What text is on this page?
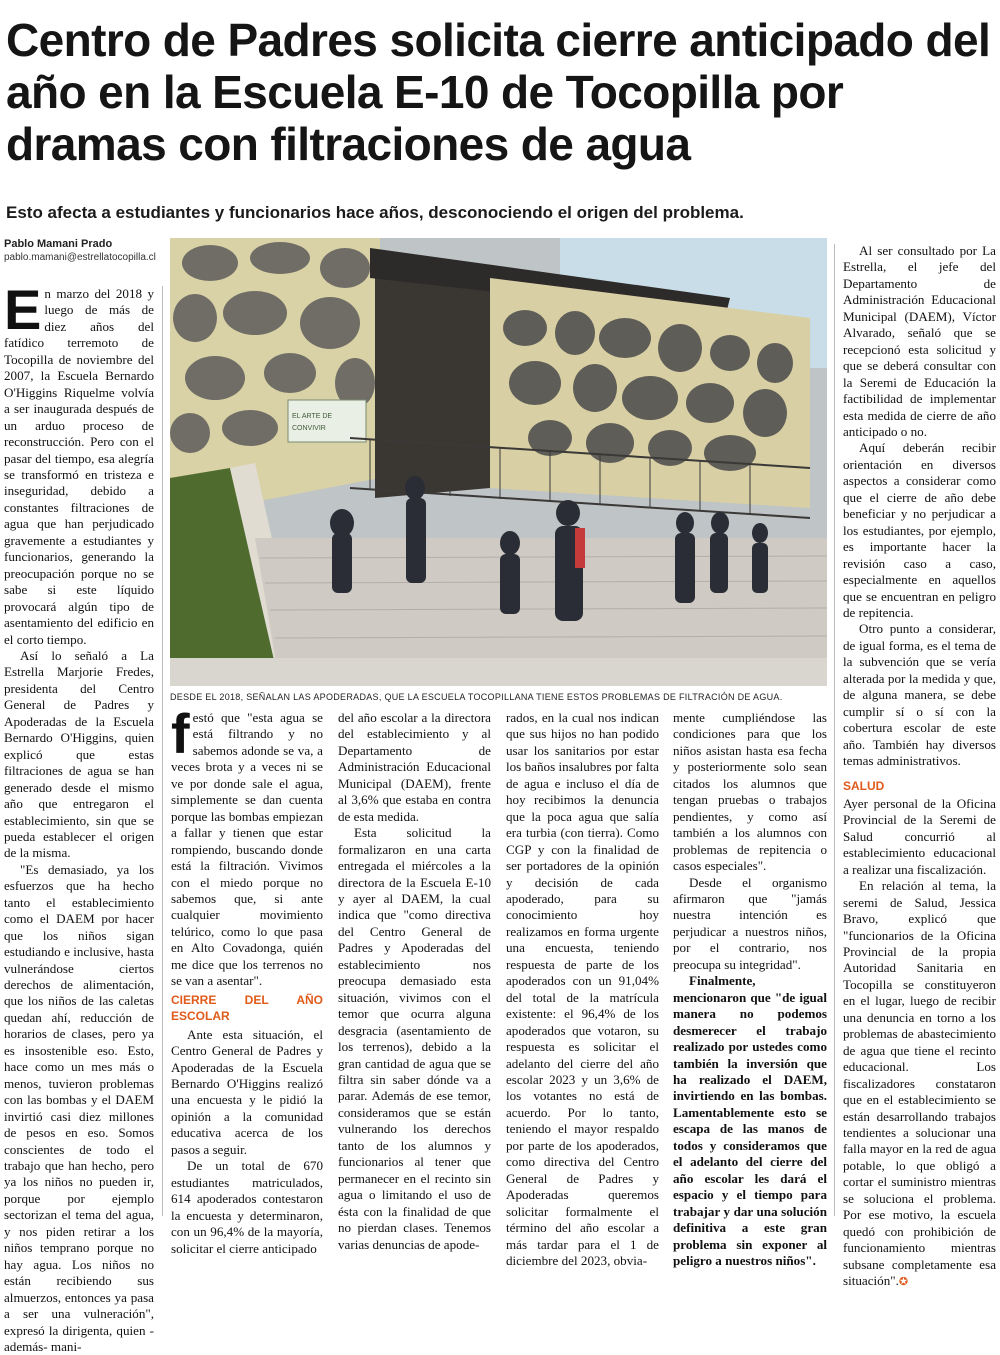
Centro de Padres solicita cierre anticipado del año en la Escuela E-10 de Tocopilla por dramas con filtraciones de agua
Esto afecta a estudiantes y funcionarios hace años, desconociendo el origen del problema.
Pablo Mamani Prado
pablo.mamani@estrellatocopilla.cl

En marzo del 2018 y luego de más de diez años del fatídico terremoto de Tocopilla de noviembre del 2007, la Escuela Bernardo O'Higgins Riquelme volvía a ser inaugurada después de un arduo proceso de reconstrucción. Pero con el pasar del tiempo, esa alegría se transformó en tristeza e inseguridad, debido a constantes filtraciones de agua que han perjudicado gravemente a estudiantes y funcionarios, generando la preocupación porque no se sabe si este líquido provocará algún tipo de asentamiento del edificio en el corto tiempo.

Así lo señaló a La Estrella Marjorie Fredes, presidenta del Centro General de Padres y Apoderadas de la Escuela Bernardo O'Higgins, quien explicó que estas filtraciones de agua se han generado desde el mismo año que entregaron el establecimiento, sin que se pueda establecer el origen de la misma.

"Es demasiado, ya los esfuerzos que ha hecho tanto el establecimiento como el DAEM por hacer que los niños sigan estudiando e inclusive, hasta vulnerándose ciertos derechos de alimentación, que los niños de las caletas quedan ahí, reducción de horarios de clases, pero ya es insostenible eso. Esto, hace como un mes más o menos, tuvieron problemas con las bombas y el DAEM invirtió casi diez millones de pesos en eso. Somos conscientes de todo el trabajo que han hecho, pero ya los niños no pueden ir, porque por ejemplo sectorizan el tema del agua, y nos piden retirar a los niños temprano porque no hay agua. Los niños no están recibiendo sus almuerzos, entonces ya pasa a ser una vulneración", expresó la dirigenta, quien -además- mani-

EL ARTE DE
CONVIVIR
DESDE EL 2018, SEÑALAN LAS APODERADAS, QUE LA ESCUELA TOCOPILLANA TIENE ESTOS PROBLEMAS DE FILTRACIÓN DE AGUA.

festó que "esta agua se está filtrando y no sabemos adonde se va, a veces brota y a veces ni se ve por donde sale el agua, simplemente se dan cuenta porque las bombas empiezan a fallar y tienen que estar rompiendo, buscando donde está la filtración. Vivimos con el miedo porque no sabemos que, si ante cualquier movimiento telúrico, como lo que pasa en Alto Covadonga, quién me dice que los terrenos no se van a asentar".

CIERRE DEL AÑO ESCOLAR

Ante esta situación, el Centro General de Padres y Apoderadas de la Escuela Bernardo O'Higgins realizó una encuesta y le pidió la opinión a la comunidad educativa acerca de los pasos a seguir.

De un total de 670 estudiantes matriculados, 614 apoderados contestaron la encuesta y determinaron, con un 96,4% de la mayoría, solicitar el cierre anticipado

del año escolar a la directora del establecimiento y al Departamento de Administración Educacional Municipal (DAEM), frente al 3,6% que estaba en contra de esta medida.

Esta solicitud la formalizaron en una carta entregada el miércoles a la directora de la Escuela E-10 y ayer al DAEM, la cual indica que "como directiva del Centro General de Padres y Apoderadas del establecimiento nos preocupa demasiado esta situación, vivimos con el temor que ocurra alguna desgracia (asentamiento de los terrenos), debido a la gran cantidad de agua que se filtra sin saber dónde va a parar. Además de ese temor, consideramos que se están vulnerando los derechos tanto de los alumnos y funcionarios al tener que permanecer en el recinto sin agua o limitando el uso de ésta con la finalidad de que no pierdan clases. Tenemos varias denuncias de apode-

rados, en la cual nos indican que sus hijos no han podido usar los sanitarios por estar los baños insalubres por falta de agua e incluso el día de hoy recibimos la denuncia que la poca agua que salía era turbia (con tierra). Como CGP y con la finalidad de ser portadores de la opinión y decisión de cada apoderado, para su conocimiento hoy realizamos en forma urgente una encuesta, teniendo respuesta de parte de los apoderados con un 91,04% del total de la matrícula existente: el 96,4% de los apoderados que votaron, su respuesta es solicitar el adelanto del cierre del año escolar 2023 y un 3,6% de los votantes no está de acuerdo. Por lo tanto, teniendo el mayor respaldo por parte de los apoderados, como directiva del Centro General de Padres y Apoderadas queremos solicitar formalmente el término del año escolar a más tardar para el 1 de diciembre del 2023, obvia-

mente cumpliéndose las condiciones para que los niños asistan hasta esa fecha y posteriormente solo sean citados los alumnos que tengan pruebas o trabajos pendientes, y como así también a los alumnos con problemas de repitencia o casos especiales".

Desde el organismo afirmaron que "jamás nuestra intención es perjudicar a nuestros niños, por el contrario, nos preocupa su integridad".

Finalmente, mencionaron que "de igual manera no podemos desmerecer el trabajo realizado por ustedes como también la inversión que ha realizado el DAEM, invirtiendo en las bombas. Lamentablemente esto se escapa de las manos de todos y consideramos que el adelanto del cierre del año escolar les dará el espacio y el tiempo para trabajar y dar una solución definitiva a este gran problema sin exponer al peligro a nuestros niños".

Al ser consultado por La Estrella, el jefe del Departamento de Administración Educacional Municipal (DAEM), Víctor Alvarado, señaló que se recepcionó esta solicitud y que se deberá consultar con la Seremi de Educación la factibilidad de implementar esta medida de cierre de año anticipado o no.

Aquí deberán recibir orientación en diversos aspectos a considerar como que el cierre de año debe beneficiar y no perjudicar a los estudiantes, por ejemplo, es importante hacer la revisión caso a caso, especialmente en aquellos que se encuentran en peligro de repitencia.

Otro punto a considerar, de igual forma, es el tema de la subvención que se vería alterada por la medida y que, de alguna manera, se debe cumplir sí o sí con la cobertura escolar de este año. También hay diversos temas administrativos.

SALUD

Ayer personal de la Oficina Provincial de la Seremi de Salud concurrió al establecimiento educacional a realizar una fiscalización.

En relación al tema, la seremi de Salud, Jessica Bravo, explicó que "funcionarios de la Oficina Provincial de la propia Autoridad Sanitaria en Tocopilla se constituyeron en el lugar, luego de recibir una denuncia en torno a los problemas de abastecimiento de agua que tiene el recinto educacional. Los fiscalizadores constataron que en el establecimiento se están desarrollando trabajos tendientes a solucionar una falla mayor en la red de agua potable, lo que obligó a cortar el suministro mientras se soluciona el problema. Por ese motivo, la escuela quedó con prohibición de funcionamiento mientras subsane completamente esa situación".✪
